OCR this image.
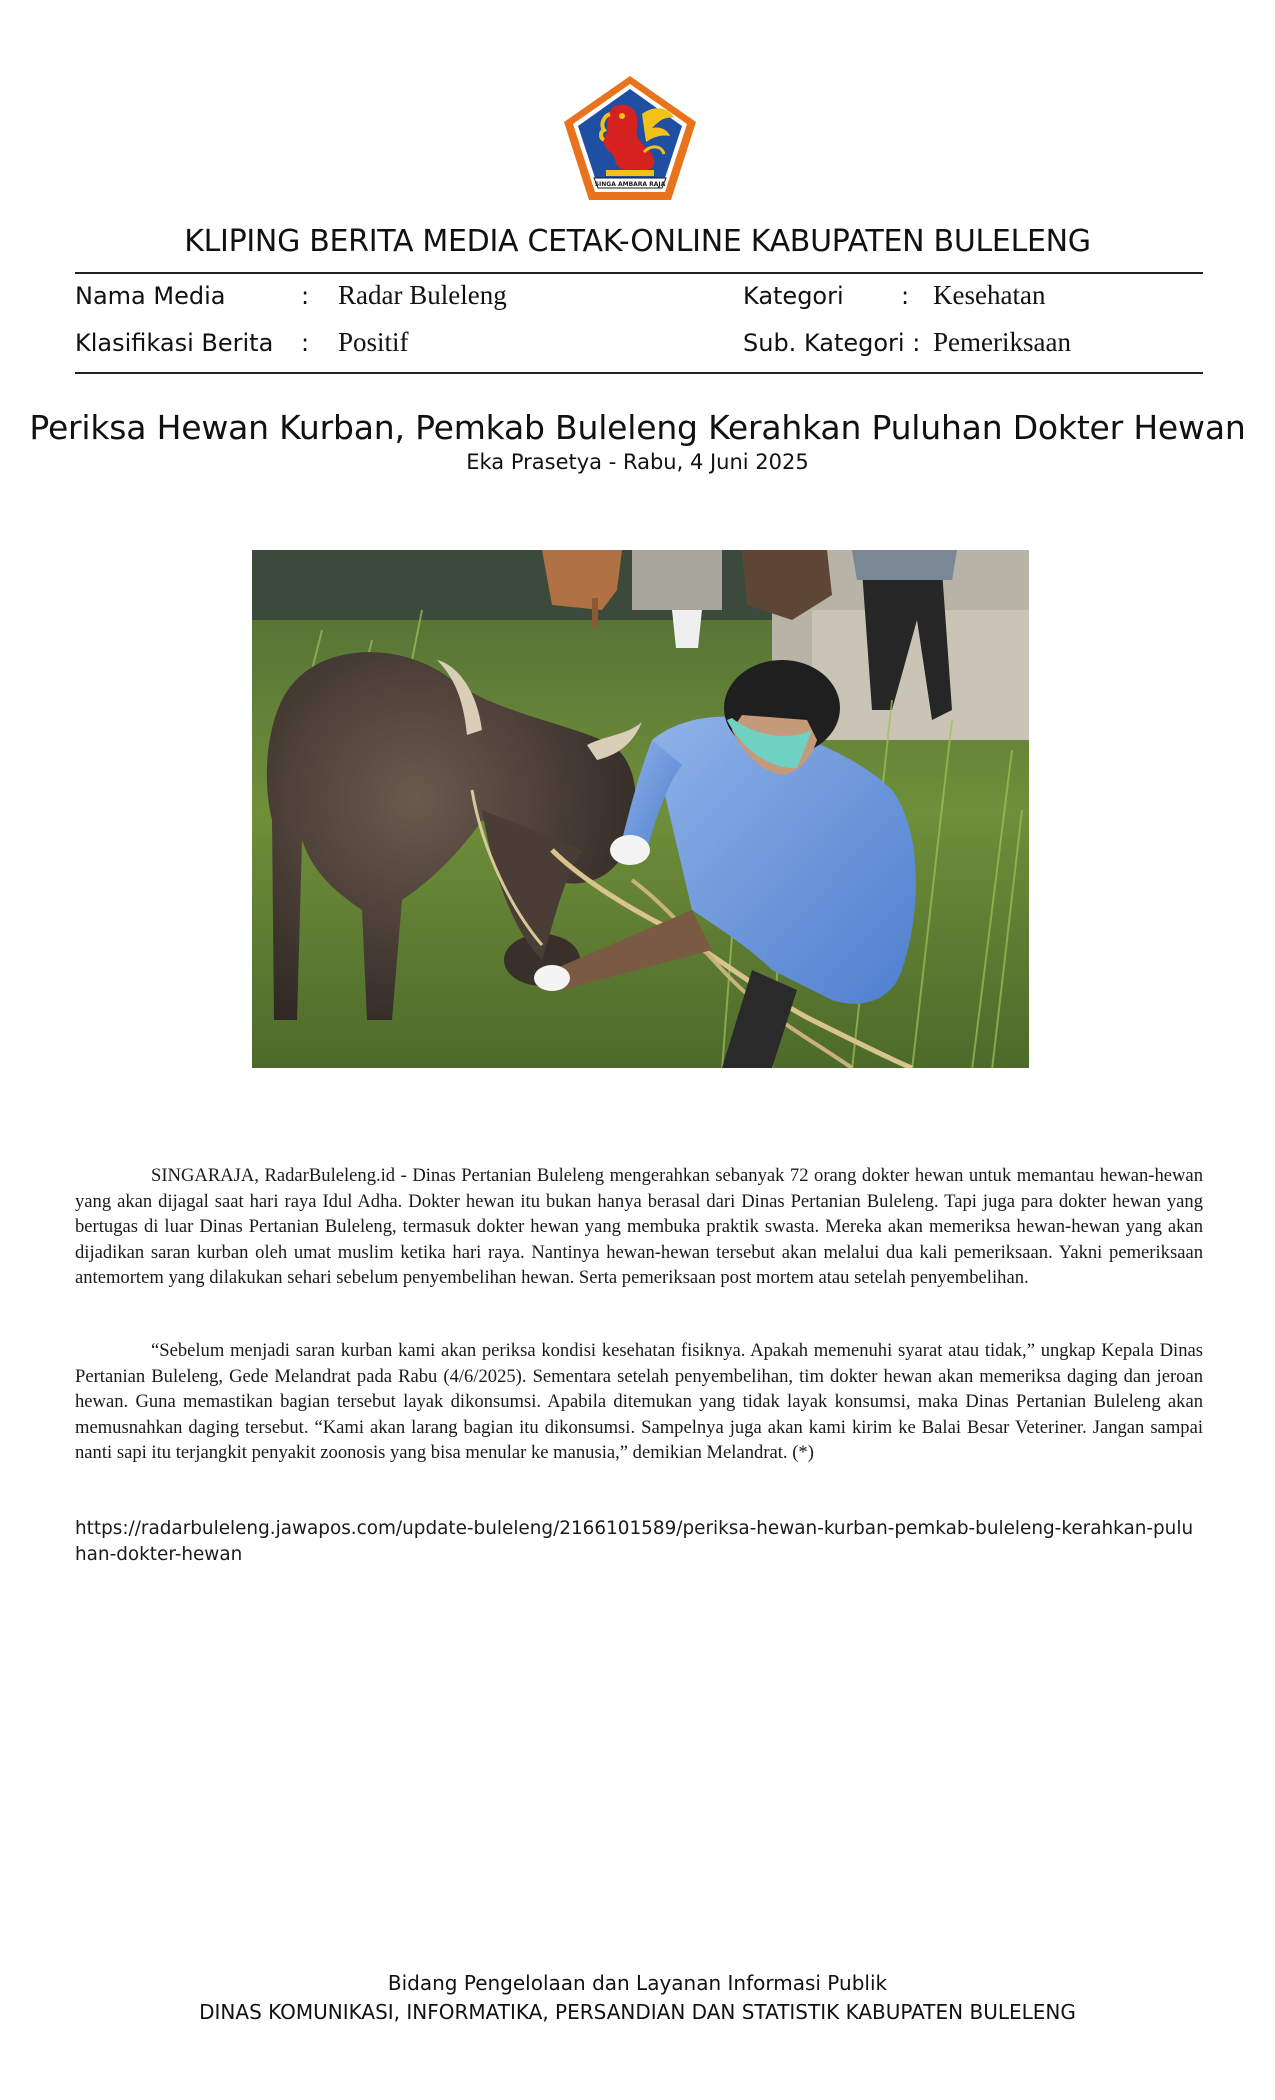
SINGA AMBARA RAJA
KLIPING BERITA MEDIA CETAK-ONLINE KABUPATEN BULELENG
Nama Media	: Radar Buleleng	Kategori : Kesehatan
Klasifikasi Berita : Positif	Sub. Kategori : Pemeriksaan
Periksa Hewan Kurban, Pemkab Buleleng Kerahkan Puluhan Dokter Hewan
Eka Prasetya - Rabu, 4 Juni 2025

SINGARAJA, RadarBuleleng.id - Dinas Pertanian Buleleng mengerahkan sebanyak 72 orang dokter hewan untuk memantau hewan-hewan yang akan dijagal saat hari raya Idul Adha. Dokter hewan itu bukan hanya berasal dari Dinas Pertanian Buleleng. Tapi juga para dokter hewan yang bertugas di luar Dinas Pertanian Buleleng, termasuk dokter hewan yang membuka praktik swasta. Mereka akan memeriksa hewan-hewan yang akan dijadikan saran kurban oleh umat muslim ketika hari raya. Nantinya hewan-hewan tersebut akan melalui dua kali pemeriksaan. Yakni pemeriksaan antemortem yang dilakukan sehari sebelum penyembelihan hewan. Serta pemeriksaan post mortem atau setelah penyembelihan.

“Sebelum menjadi saran kurban kami akan periksa kondisi kesehatan fisiknya. Apakah memenuhi syarat atau tidak,” ungkap Kepala Dinas Pertanian Buleleng, Gede Melandrat pada Rabu (4/6/2025). Sementara setelah penyembelihan, tim dokter hewan akan memeriksa daging dan jeroan hewan. Guna memastikan bagian tersebut layak dikonsumsi. Apabila ditemukan yang tidak layak konsumsi, maka Dinas Pertanian Buleleng akan memusnahkan daging tersebut. “Kami akan larang bagian itu dikonsumsi. Sampelnya juga akan kami kirim ke Balai Besar Veteriner. Jangan sampai nanti sapi itu terjangkit penyakit zoonosis yang bisa menular ke manusia,” demikian Melandrat. (*)

https://radarbuleleng.jawapos.com/update-buleleng/2166101589/periksa-hewan-kurban-pemkab-buleleng-kerahkan-puluhan-dokter-hewan
Bidang Pengelolaan dan Layanan Informasi Publik
DINAS KOMUNIKASI, INFORMATIKA, PERSANDIAN DAN STATISTIK KABUPATEN BULELENG
